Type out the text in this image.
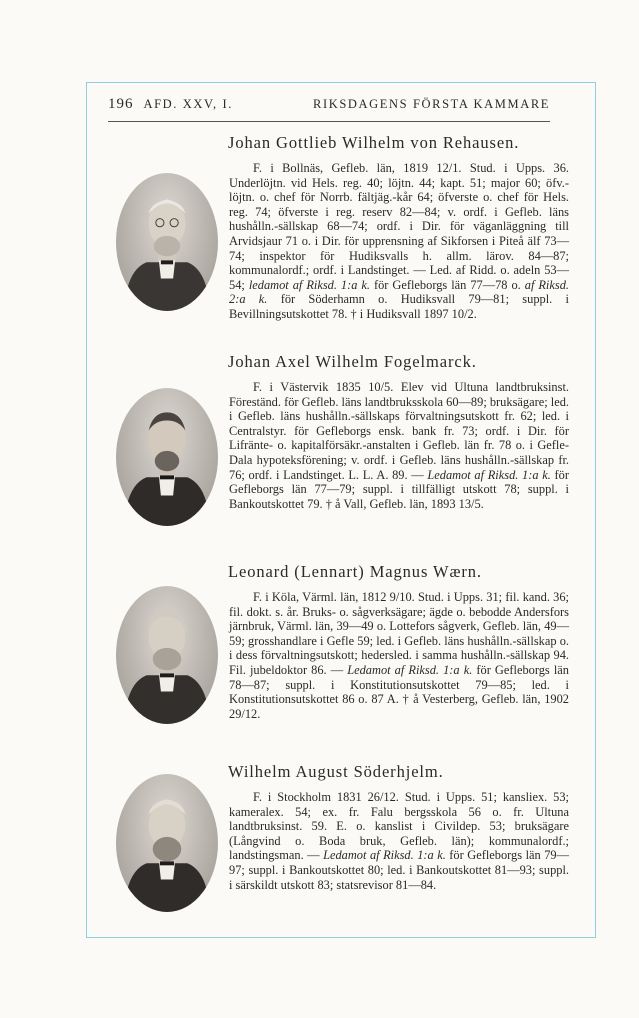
196 AFD. XXV, I.	RIKSDAGENS FÖRSTA KAMMARE
Johan Gottlieb Wilhelm von Rehausen.

F. i Bollnäs, Gefleb. län, 1819 12/1. Stud. i Upps. 36. Underlöjtn. vid Hels. reg. 40; löjtn. 44; kapt. 51; major 60; öfv.-löjtn. o. chef för Norrb. fältjäg.-kår 64; öfverste o. chef för Hels. reg. 74; öfverste i reg. reserv 82—84; v. ordf. i Gefleb. läns hushålln.-sällskap 68—74; ordf. i Dir. för väganläggning till Arvidsjaur 71 o. i Dir. för upprensning af Sikforsen i Piteå älf 73—74; inspektor för Hudiksvalls h. allm. lärov. 84—87; kommunalordf.; ordf. i Landstinget. — Led. af Ridd. o. adeln 53—54; ledamot af Riksd. 1:a k. för Gefleborgs län 77—78 o. af Riksd. 2:a k. för Söderhamn o. Hudiksvall 79—81; suppl. i Bevillningsutskottet 78. † i Hudiksvall 1897 10/2.

Johan Axel Wilhelm Fogelmarck.

F. i Västervik 1835 10/5. Elev vid Ultuna landtbruksinst. Föreständ. för Gefleb. läns landtbruksskola 60—89; bruksägare; led. i Gefleb. läns hushålln.-sällskaps förvaltningsutskott fr. 62; led. i Centralstyr. för Gefleborgs ensk. bank fr. 73; ordf. i Dir. för Lifränte- o. kapitalförsäkr.-anstalten i Gefleb. län fr. 78 o. i Gefle-Dala hypoteksförening; v. ordf. i Gefleb. läns hushålln.-sällskap fr. 76; ordf. i Landstinget. L. L. A. 89. — Ledamot af Riksd. 1:a k. för Gefleborgs län 77—79; suppl. i tillfälligt utskott 78; suppl. i Bankoutskottet 79. † å Vall, Gefleb. län, 1893 13/5.

Leonard (Lennart) Magnus Wærn.

F. i Köla, Värml. län, 1812 9/10. Stud. i Upps. 31; fil. kand. 36; fil. dokt. s. år. Bruks- o. sågverksägare; ägde o. bebodde Andersfors järnbruk, Värml. län, 39—49 o. Lottefors sågverk, Gefleb. län, 49—59; grosshandlare i Gefle 59; led. i Gefleb. läns hushålln.-sällskap o. i dess förvaltningsutskott; hedersled. i samma hushålln.-sällskap 94. Fil. jubeldoktor 86. — Ledamot af Riksd. 1:a k. för Gefleborgs län 78—87; suppl. i Konstitutionsutskottet 79—85; led. i Konstitutionsutskottet 86 o. 87 A. † å Vesterberg, Gefleb. län, 1902 29/12.

Wilhelm August Söderhjelm.

F. i Stockholm 1831 26/12. Stud. i Upps. 51; kansliex. 53; kameralex. 54; ex. fr. Falu bergsskola 56 o. fr. Ultuna landtbruksinst. 59. E. o. kanslist i Civildep. 53; bruksägare (Långvind o. Boda bruk, Gefleb. län); kommunalordf.; landstingsman. — Ledamot af Riksd. 1:a k. för Gefleborgs län 79—97; suppl. i Bankoutskottet 80; led. i Bankoutskottet 81—93; suppl. i särskildt utskott 83; statsrevisor 81—84.
